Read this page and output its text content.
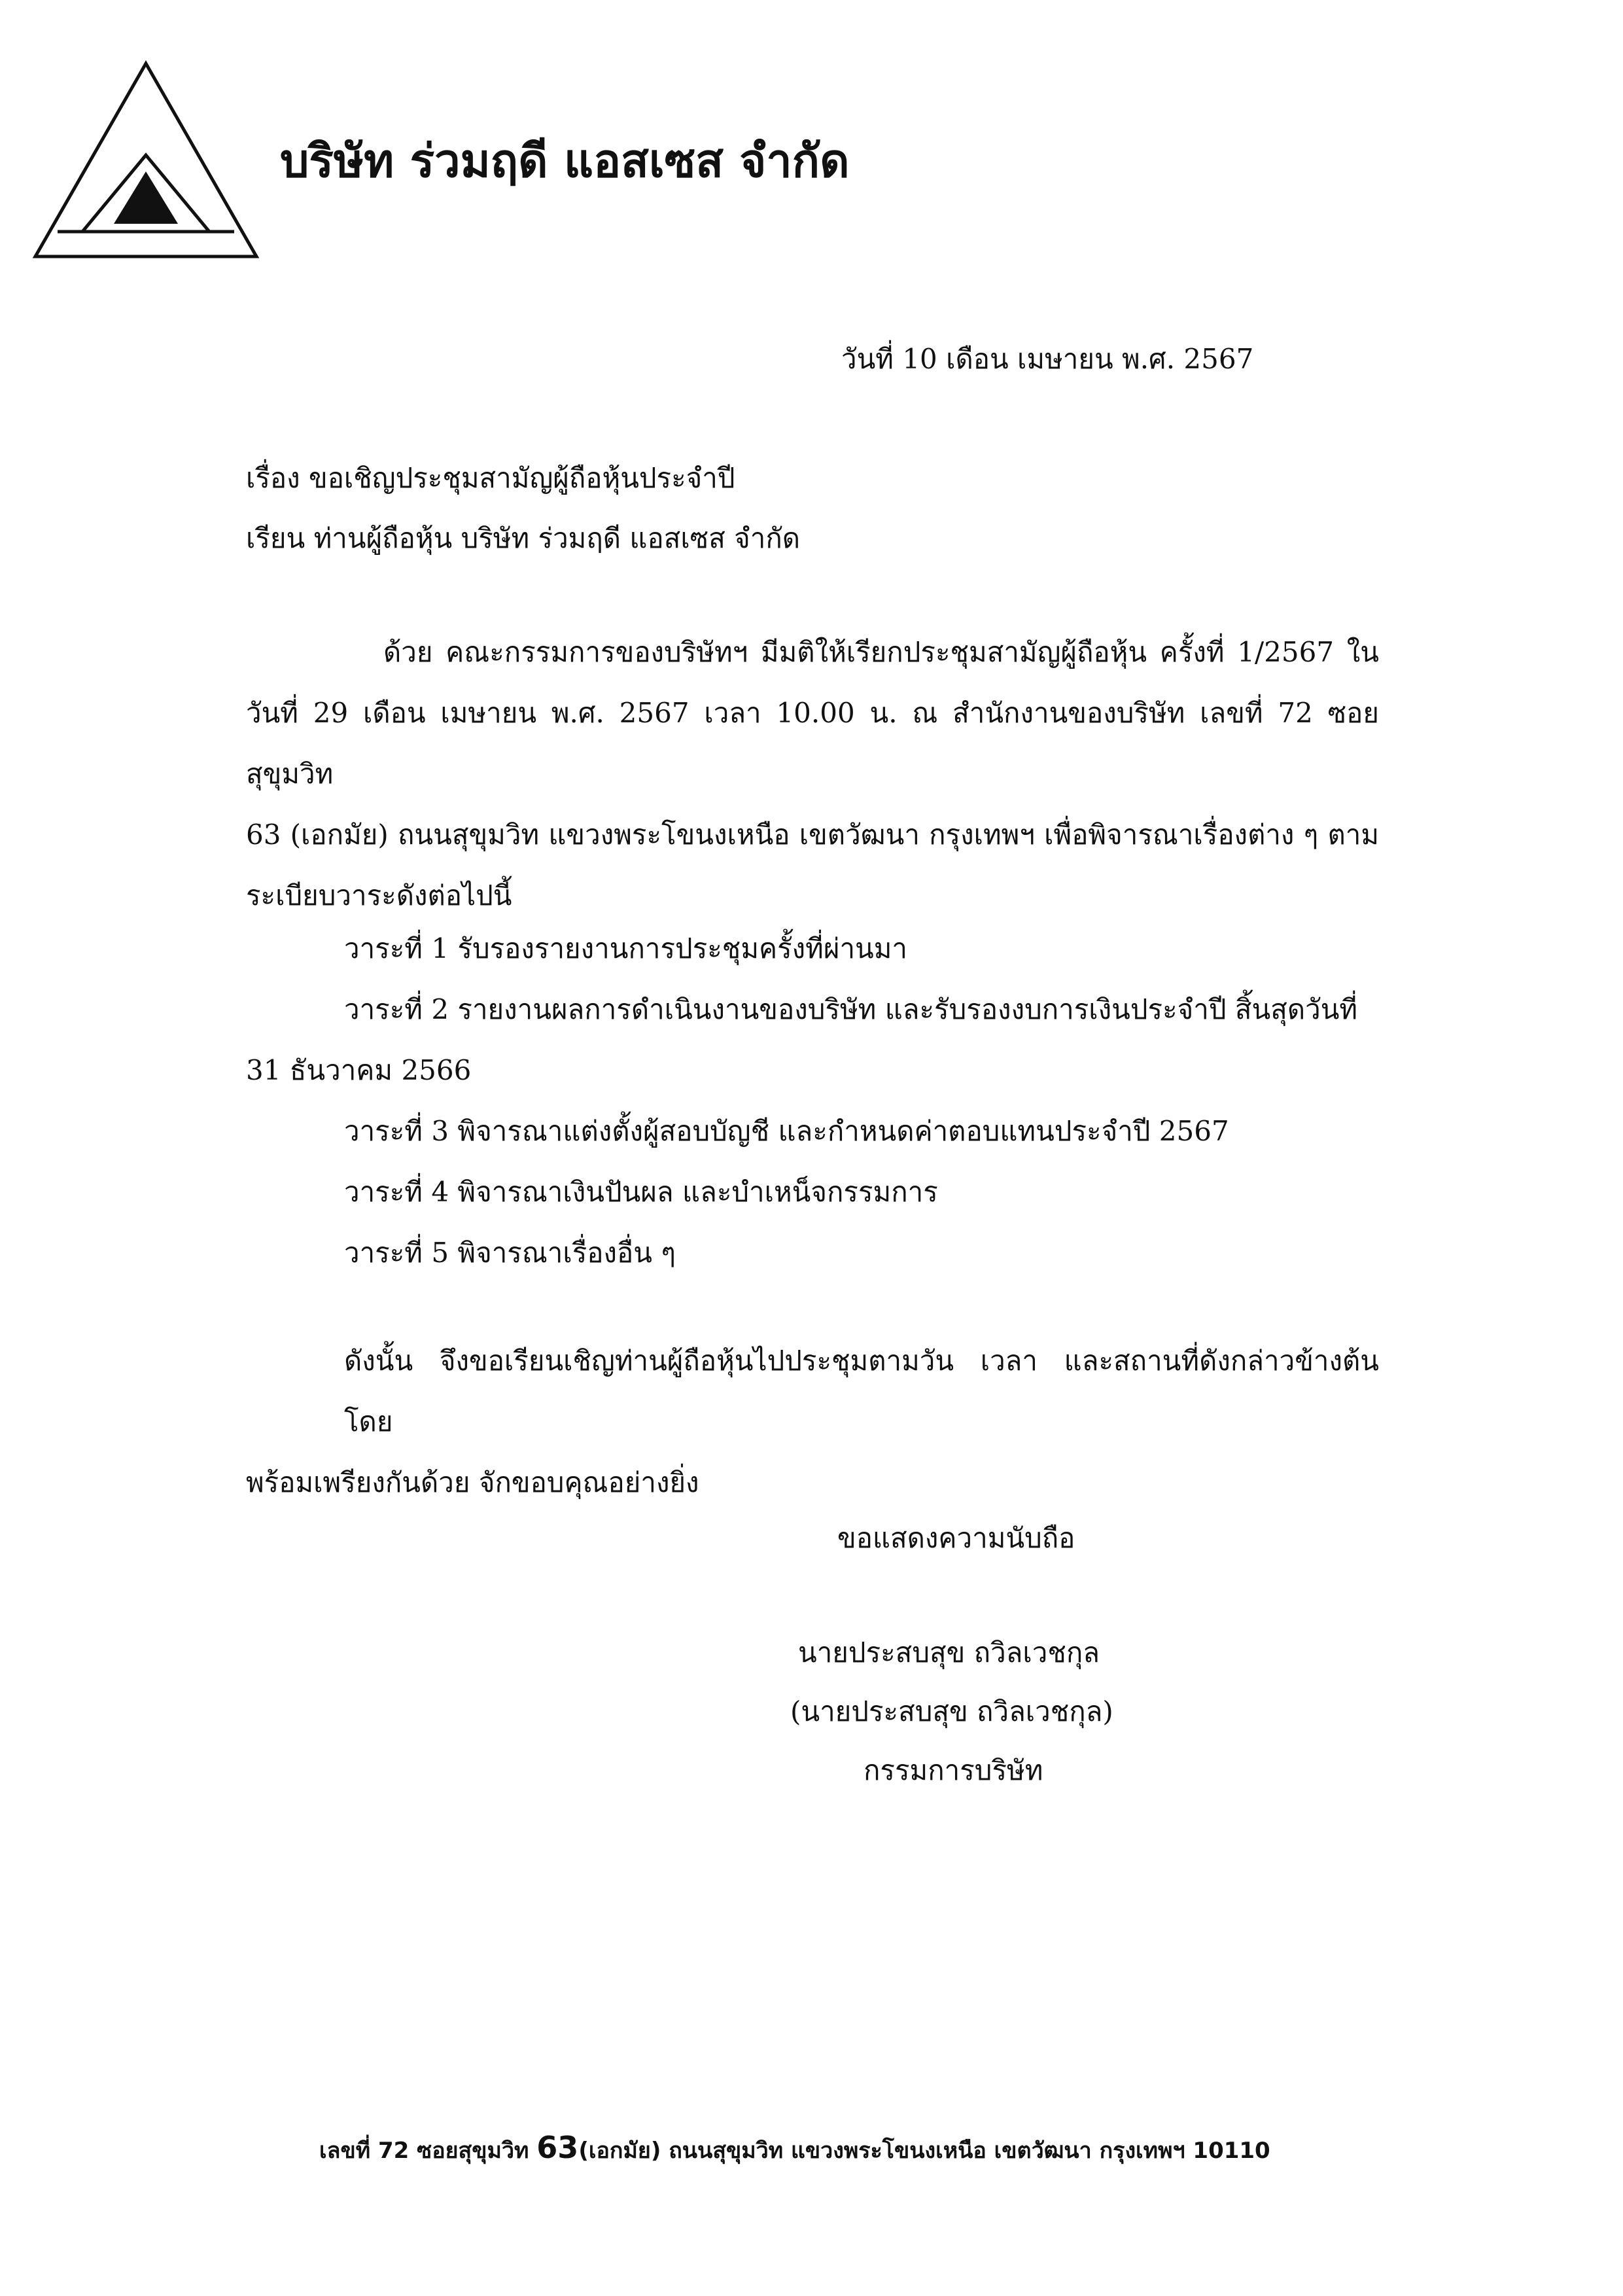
บริษัท ร่วมฤดี แอสเซส จำกัด
วันที่ 10 เดือน เมษายน พ.ศ. 2567
เรื่อง ขอเชิญประชุมสามัญผู้ถือหุ้นประจำปี
เรียน ท่านผู้ถือหุ้น บริษัท ร่วมฤดี แอสเซส จำกัด
ด้วย คณะกรรมการของบริษัทฯ มีมติให้เรียกประชุมสามัญผู้ถือหุ้น ครั้งที่ 1/2567 ใน
วันที่ 29 เดือน เมษายน พ.ศ. 2567 เวลา 10.00 น. ณ สำนักงานของบริษัท เลขที่ 72 ซอยสุขุมวิท
63 (เอกมัย) ถนนสุขุมวิท แขวงพระโขนงเหนือ เขตวัฒนา กรุงเทพฯ เพื่อพิจารณาเรื่องต่าง ๆ ตาม
ระเบียบวาระดังต่อไปนี้
วาระที่ 1 รับรองรายงานการประชุมครั้งที่ผ่านมา
วาระที่ 2 รายงานผลการดำเนินงานของบริษัท และรับรองงบการเงินประจำปี สิ้นสุดวันที่
31 ธันวาคม 2566
วาระที่ 3 พิจารณาแต่งตั้งผู้สอบบัญชี และกำหนดค่าตอบแทนประจำปี 2567
วาระที่ 4 พิจารณาเงินปันผล และบำเหน็จกรรมการ
วาระที่ 5 พิจารณาเรื่องอื่น ๆ
ดังนั้น จึงขอเรียนเชิญท่านผู้ถือหุ้นไปประชุมตามวัน เวลา และสถานที่ดังกล่าวข้างต้น โดย
พร้อมเพรียงกันด้วย จักขอบคุณอย่างยิ่ง
ขอแสดงความนับถือ
นายประสบสุข ถวิลเวชกุล
(นายประสบสุข ถวิลเวชกุล)
กรรมการบริษัท
เลขที่ 72 ซอยสุขุมวิท 63(เอกมัย) ถนนสุขุมวิท แขวงพระโขนงเหนือ เขตวัฒนา กรุงเทพฯ 10110
